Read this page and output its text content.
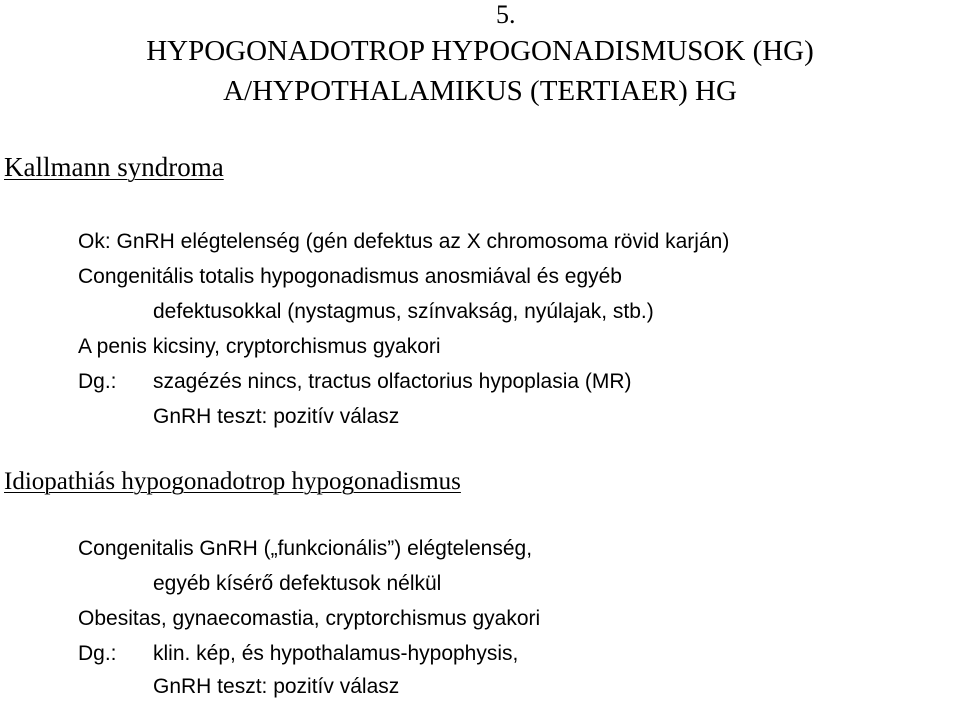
5.
HYPOGONADOTROP HYPOGONADISMUSOK (HG)
A/HYPOTHALAMIKUS (TERTIAER) HG
Kallmann syndroma
Ok: GnRH elégtelenség (gén defektus az X chromosoma rövid karján)
Congenitális totalis hypogonadismus anosmiával és egyéb
defektusokkal (nystagmus, színvakság, nyúlajak, stb.)
A penis kicsiny, cryptorchismus gyakori
Dg.: szagézés nincs, tractus olfactorius hypoplasia (MR)
GnRH teszt: pozitív válasz
Idiopathiás hypogonadotrop hypogonadismus
Congenitalis GnRH („funkcionális”) elégtelenség,
egyéb kísérő defektusok nélkül
Obesitas, gynaecomastia, cryptorchismus gyakori
Dg.: klin. kép, és hypothalamus-hypophysis,
GnRH teszt: pozitív válasz
